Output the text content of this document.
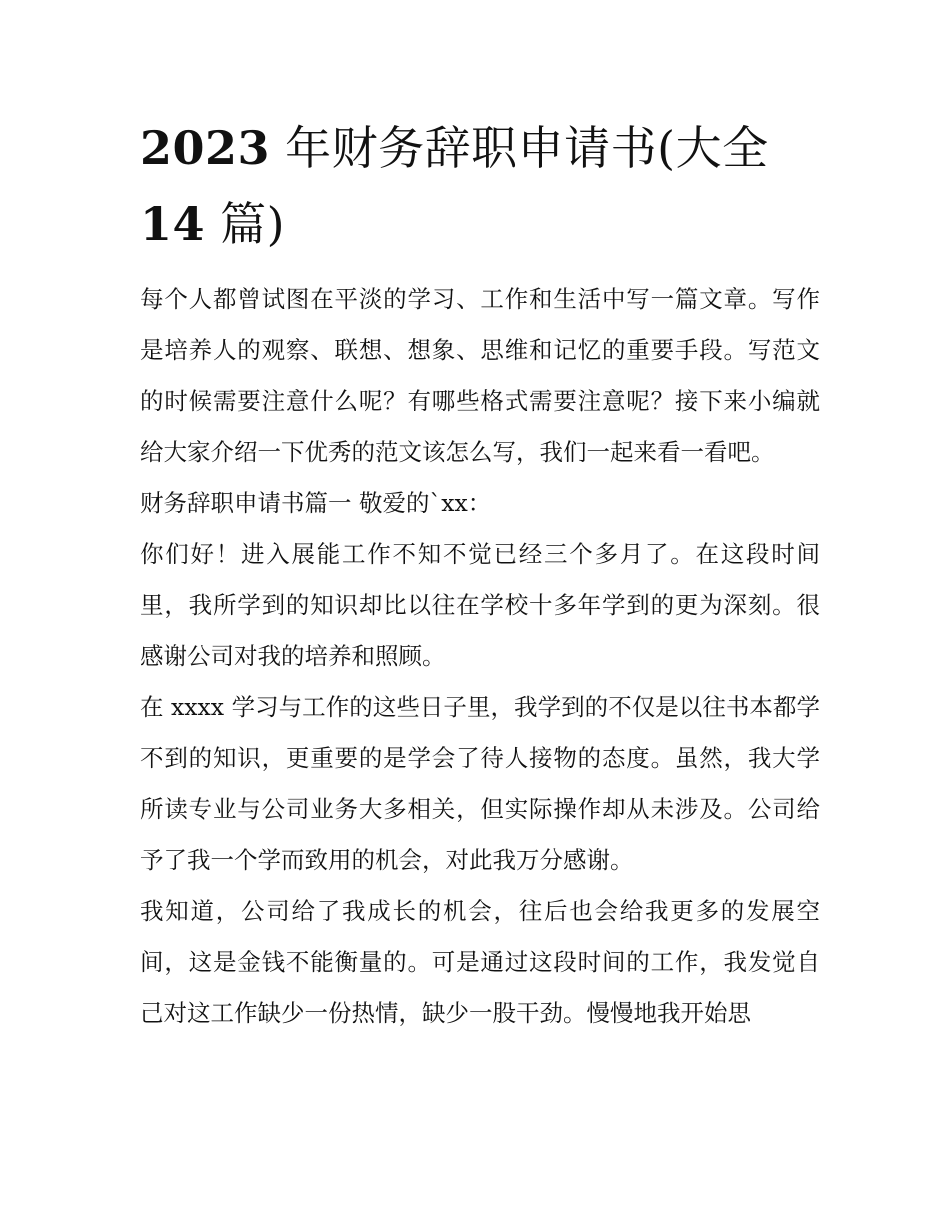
2023 年财务辞职申请书(大全
14 篇)

每个人都曾试图在平淡的学习、工作和生活中写一篇文章。写作是培养人的观察、联想、想象、思维和记忆的重要手段。写范文的时候需要注意什么呢？有哪些格式需要注意呢？接下来小编就给大家介绍一下优秀的范文该怎么写，我们一起来看一看吧。

财务辞职申请书篇一 敬爱的`xx：

你们好！进入展能工作不知不觉已经三个多月了。在这段时间里，我所学到的知识却比以往在学校十多年学到的更为深刻。很感谢公司对我的培养和照顾。

在 xxxx 学习与工作的这些日子里，我学到的不仅是以往书本都学不到的知识，更重要的是学会了待人接物的态度。虽然，我大学所读专业与公司业务大多相关，但实际操作却从未涉及。公司给予了我一个学而致用的机会，对此我万分感谢。

我知道，公司给了我成长的机会，往后也会给我更多的发展空间，这是金钱不能衡量的。可是通过这段时间的工作，我发觉自己对这工作缺少一份热情，缺少一股干劲。慢慢地我开始思
